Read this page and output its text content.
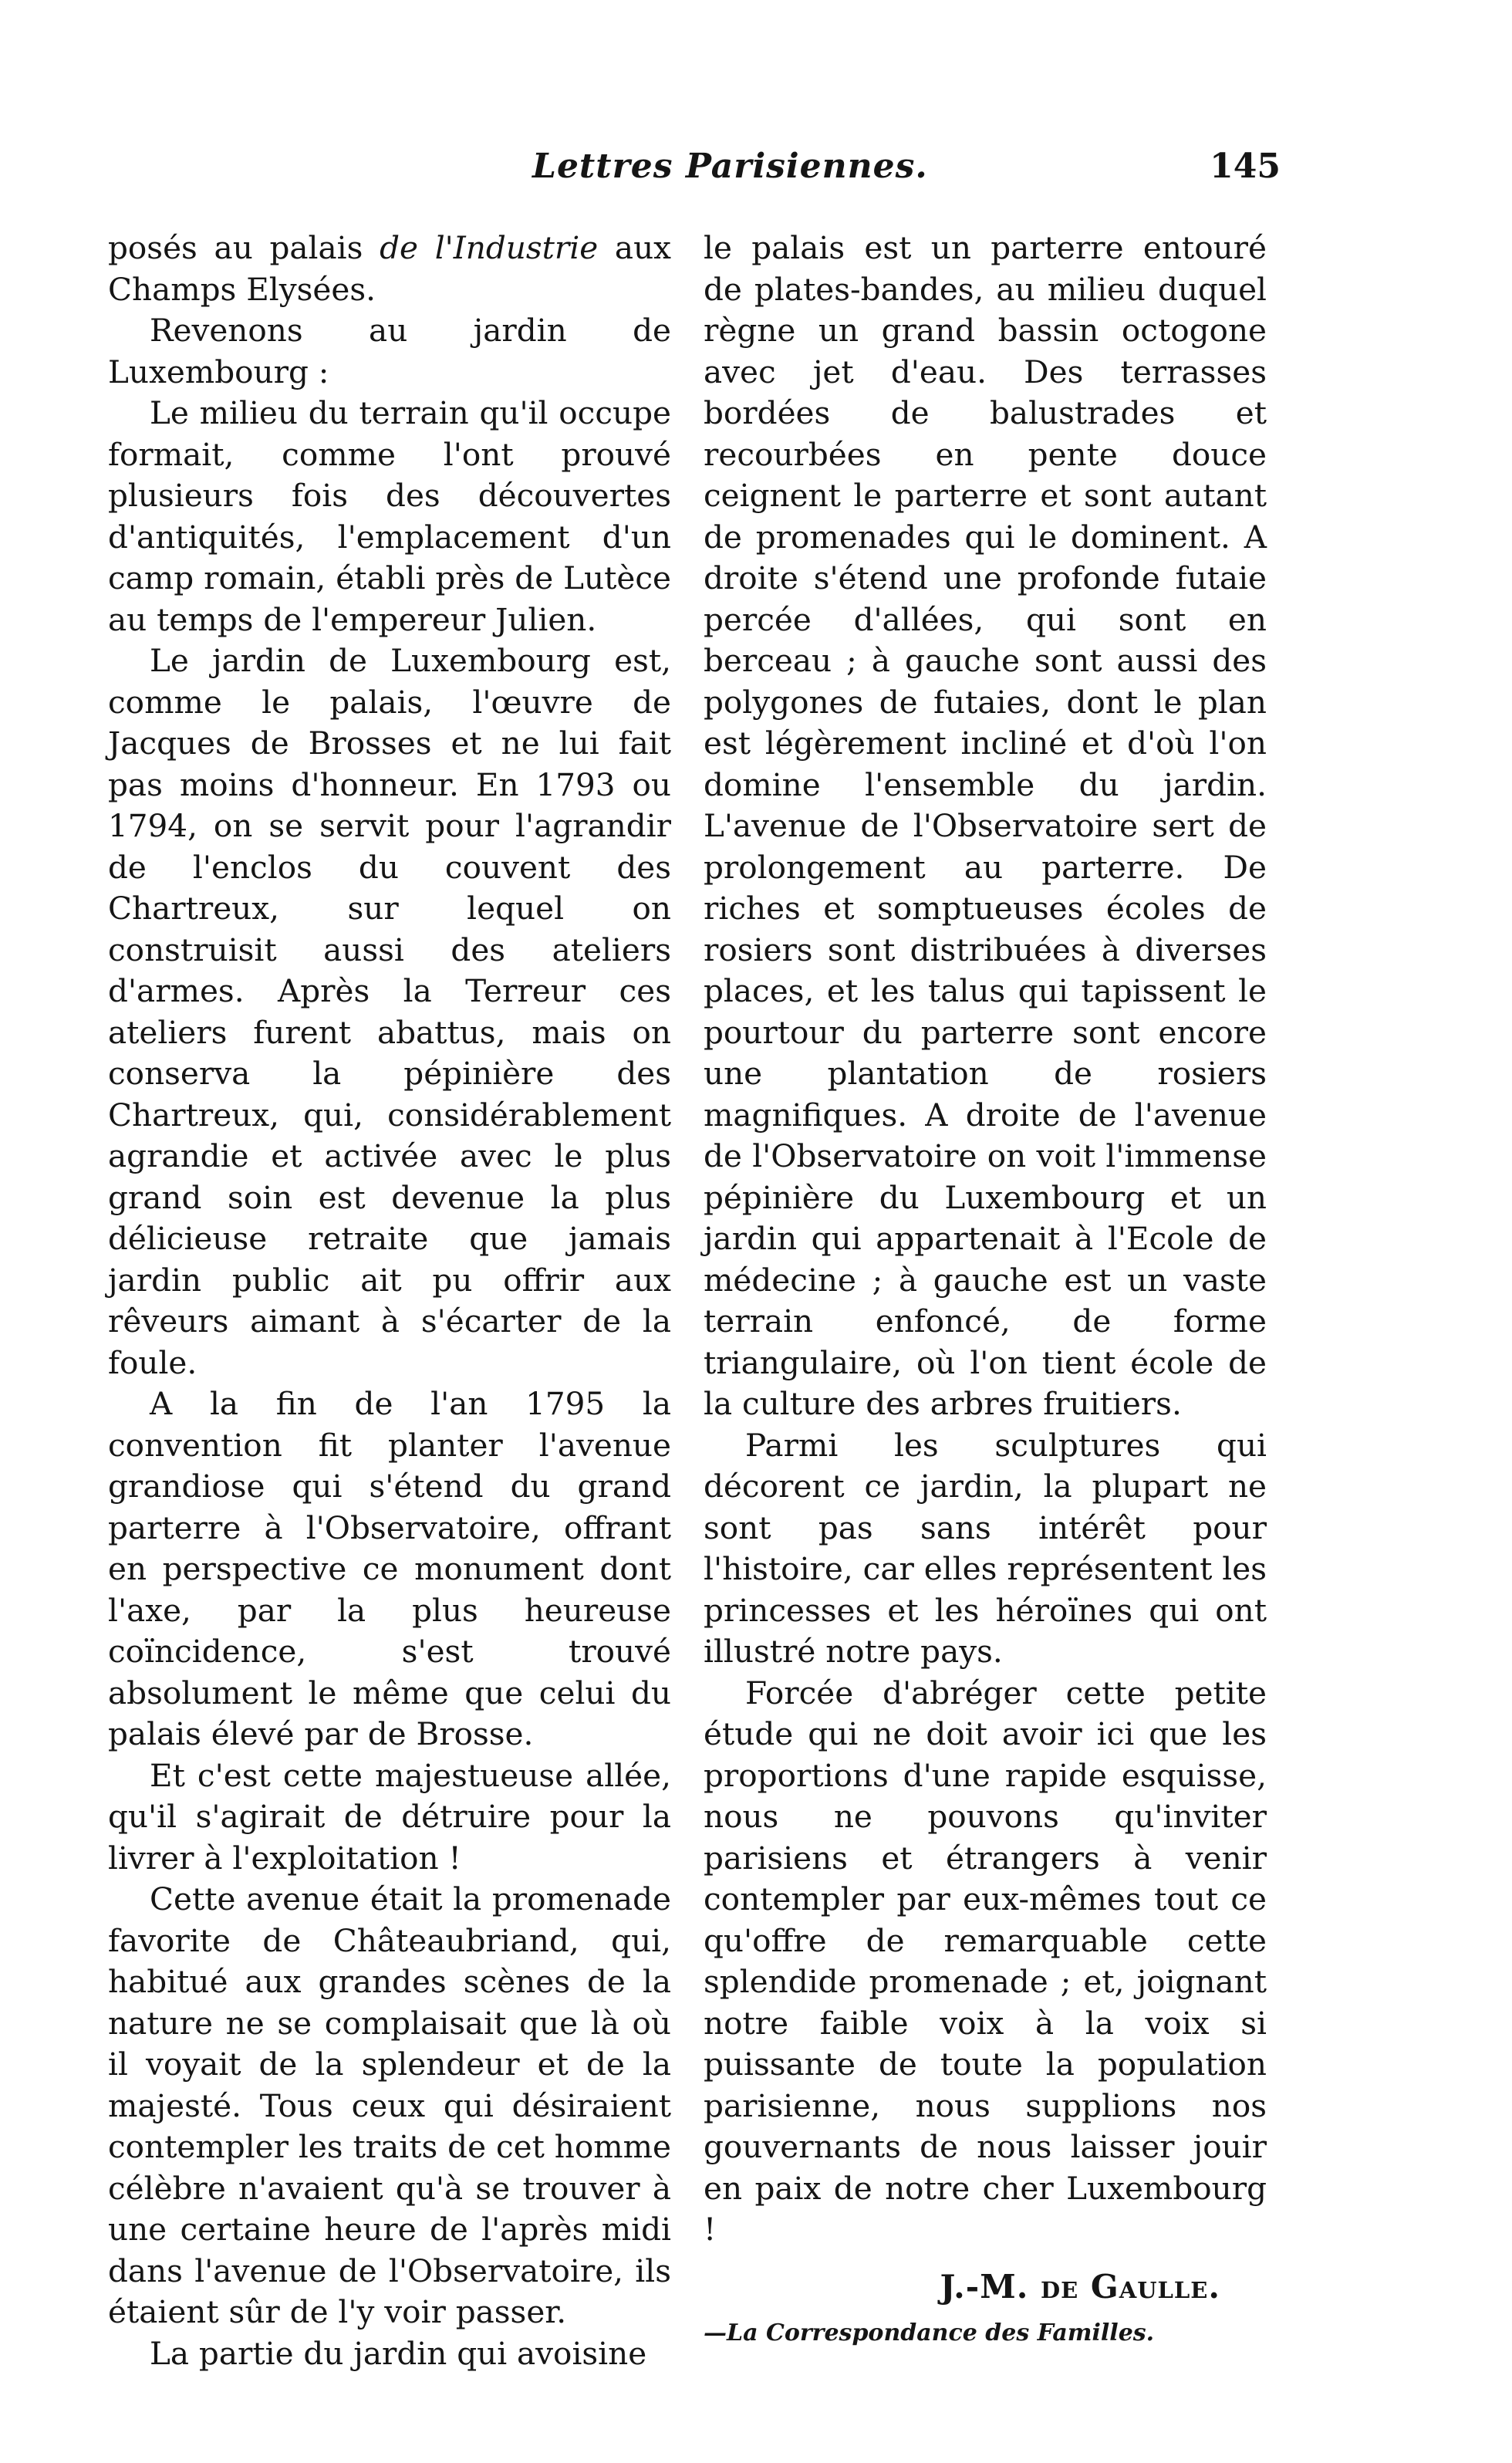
Lettres Parisiennes.	145

posés au palais de l'Industrie aux Champs Elysées.

Revenons au jardin de Luxembourg :

Le milieu du terrain qu'il occupe formait, comme l'ont prouvé plusieurs fois des découvertes d'antiquités, l'emplacement d'un camp romain, établi près de Lutèce au temps de l'empereur Julien.

Le jardin de Luxembourg est, comme le palais, l'œuvre de Jacques de Brosses et ne lui fait pas moins d'honneur. En 1793 ou 1794, on se servit pour l'agrandir de l'enclos du couvent des Chartreux, sur lequel on construisit aussi des ateliers d'armes. Après la Terreur ces ateliers furent abattus, mais on conserva la pépinière des Chartreux, qui, considérablement agrandie et activée avec le plus grand soin est devenue la plus délicieuse retraite que jamais jardin public ait pu offrir aux rêveurs aimant à s'écarter de la foule.

A la fin de l'an 1795 la convention fit planter l'avenue grandiose qui s'étend du grand parterre à l'Observatoire, offrant en perspective ce monument dont l'axe, par la plus heureuse coïncidence, s'est trouvé absolument le même que celui du palais élevé par de Brosse.

Et c'est cette majestueuse allée, qu'il s'agirait de détruire pour la livrer à l'exploitation !

Cette avenue était la promenade favorite de Châteaubriand, qui, habitué aux grandes scènes de la nature ne se complaisait que là où il voyait de la splendeur et de la majesté. Tous ceux qui désiraient contempler les traits de cet homme célèbre n'avaient qu'à se trouver à une certaine heure de l'après midi dans l'avenue de l'Observatoire, ils étaient sûr de l'y voir passer.

La partie du jardin qui avoisine

le palais est un parterre entouré de plates-bandes, au milieu duquel règne un grand bassin octogone avec jet d'eau. Des terrasses bordées de balustrades et recourbées en pente douce ceignent le parterre et sont autant de promenades qui le dominent. A droite s'étend une profonde futaie percée d'allées, qui sont en berceau ; à gauche sont aussi des polygones de futaies, dont le plan est légèrement incliné et d'où l'on domine l'ensemble du jardin. L'avenue de l'Observatoire sert de prolongement au parterre. De riches et somptueuses écoles de rosiers sont distribuées à diverses places, et les talus qui tapissent le pourtour du parterre sont encore une plantation de rosiers magnifiques. A droite de l'avenue de l'Observatoire on voit l'immense pépinière du Luxembourg et un jardin qui appartenait à l'Ecole de médecine ; à gauche est un vaste terrain enfoncé, de forme triangulaire, où l'on tient école de la culture des arbres fruitiers.

Parmi les sculptures qui décorent ce jardin, la plupart ne sont pas sans intérêt pour l'histoire, car elles représentent les princesses et les héroïnes qui ont illustré notre pays.

Forcée d'abréger cette petite étude qui ne doit avoir ici que les proportions d'une rapide esquisse, nous ne pouvons qu'inviter parisiens et étrangers à venir contempler par eux-mêmes tout ce qu'offre de remarquable cette splendide promenade ; et, joignant notre faible voix à la voix si puissante de toute la population parisienne, nous supplions nos gouvernants de nous laisser jouir en paix de notre cher Luxembourg !

J.-M. de Gaulle.
—La Correspondance des Familles.
